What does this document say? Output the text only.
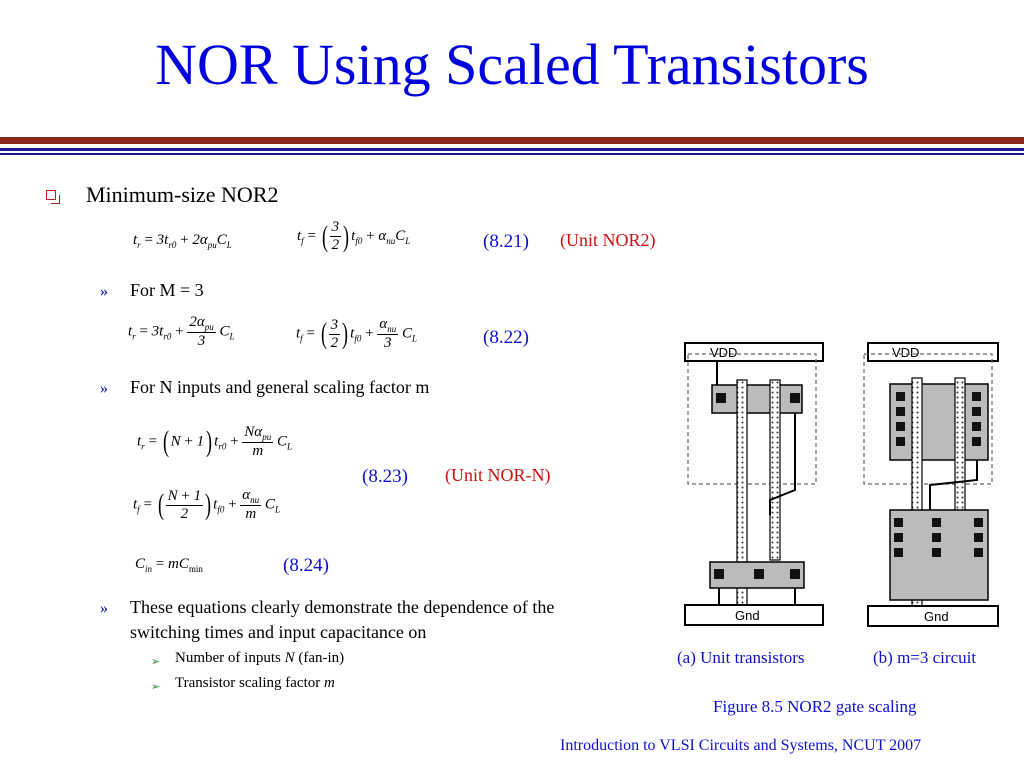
NOR Using Scaled Transistors
Minimum-size NOR2
$t_r = 3t_{r0} + 2\alpha_{pu}C_L$
$t_f$ = ( $\frac{3}{2}$ ) $t_{f0} + \alpha_{nu}C_L$	(8.21) (Unit NOR2)
» For M = 3
$t_r = 3t_{r0} + \frac{2\alpha_{pu}}{3} C_L$	$t_f$ = ( $\frac{3}{2}$ ) $t_{f0} + \frac{\alpha_{nu}}{3} C_L$	(8.22)
» For N inputs and general scaling factor m
$t_r$ = ( N + 1) $t_{r0} + \frac{N\alpha_{pu}}{m} C_L$
$t_f$ = ( $\frac{N + 1}{2}$ ) $t_{f0} + \frac{\alpha_{nu}}{m} C_L$
(8.23) (Unit NOR-N)
$C_{in} = mC_{min}$	(8.24)
» These equations clearly demonstrate the dependence of the
switching times and input capacitance on
➢ Number of inputs N (fan-in)
➢ Transistor scaling factor m
VDD
Gnd
VDD
Gnd
(a) Unit transistors	(b) m=3 circuit
Figure 8.5 NOR2 gate scaling
Introduction to VLSI Circuits and Systems, NCUT 2007
